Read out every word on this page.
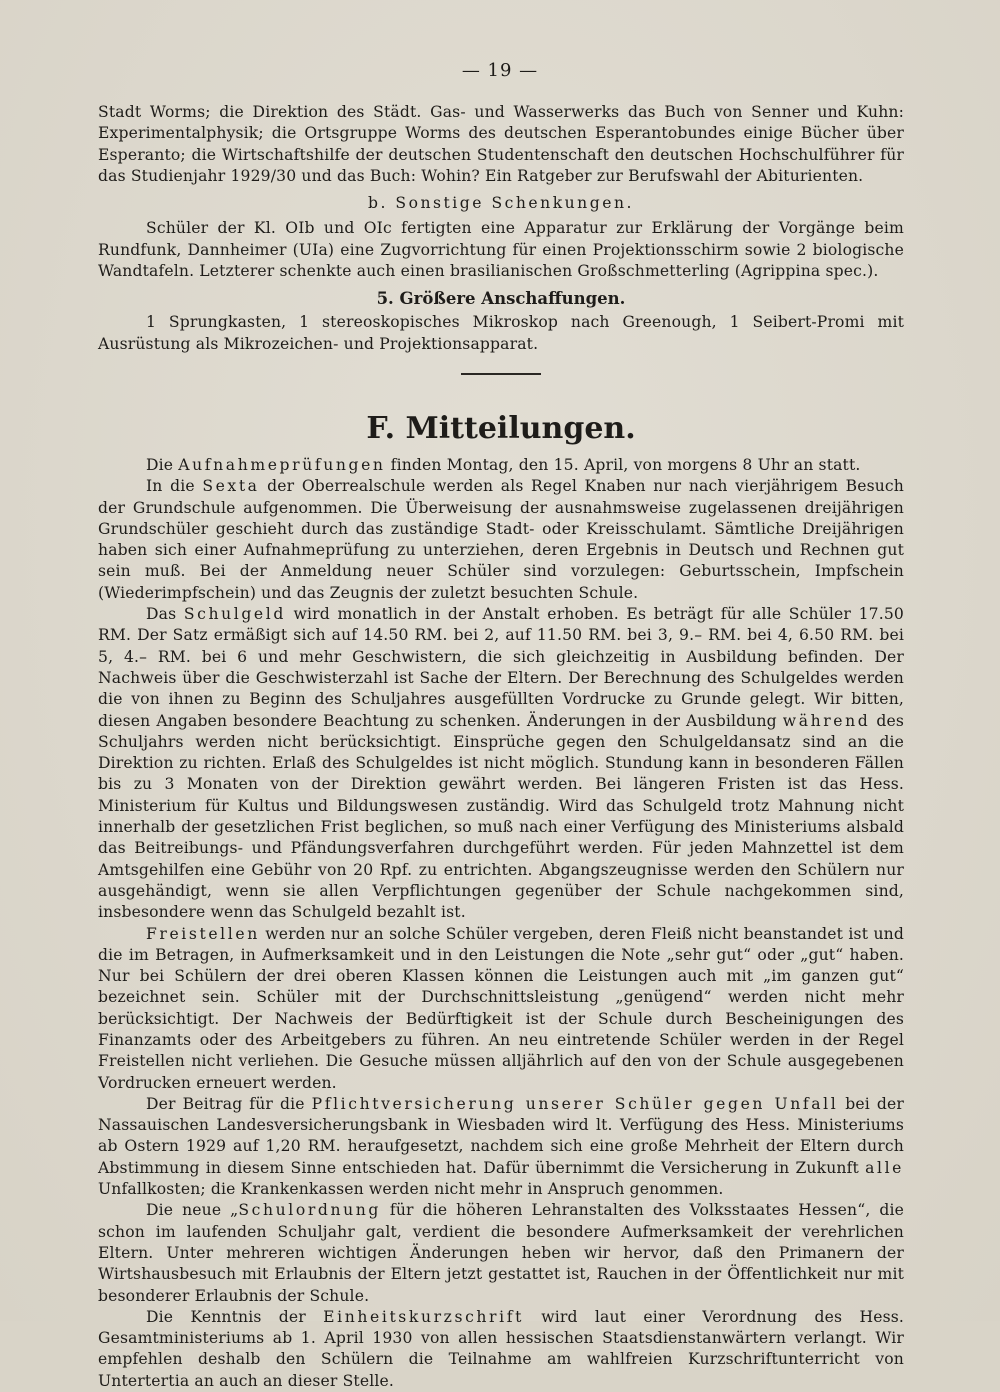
— 19 —

Stadt Worms; die Direktion des Städt. Gas- und Wasserwerks das Buch von Senner und Kuhn: Experimentalphysik; die Ortsgruppe Worms des deutschen Esperantobundes einige Bücher über Esperanto; die Wirtschaftshilfe der deutschen Studentenschaft den deutschen Hochschulführer für das Studienjahr 1929/30 und das Buch: Wohin? Ein Ratgeber zur Berufswahl der Abiturienten.

b. Sonstige Schenkungen.

Schüler der Kl. OIb und OIc fertigten eine Apparatur zur Erklärung der Vorgänge beim Rundfunk, Dannheimer (UIa) eine Zugvorrichtung für einen Projektionsschirm sowie 2 biologische Wandtafeln. Letzterer schenkte auch einen brasilianischen Großschmetterling (Agrippina spec.).

5. Größere Anschaffungen.

1 Sprungkasten, 1 stereoskopisches Mikroskop nach Greenough, 1 Seibert-Promi mit Ausrüstung als Mikrozeichen- und Projektionsapparat.

F. Mitteilungen.

Die Aufnahmeprüfungen finden Montag, den 15. April, von morgens 8 Uhr an statt.

In die Sexta der Oberrealschule werden als Regel Knaben nur nach vierjährigem Besuch der Grundschule aufgenommen. Die Überweisung der ausnahmsweise zugelassenen dreijährigen Grundschüler geschieht durch das zuständige Stadt- oder Kreisschulamt. Sämtliche Dreijährigen haben sich einer Aufnahmeprüfung zu unterziehen, deren Ergebnis in Deutsch und Rechnen gut sein muß. Bei der Anmeldung neuer Schüler sind vorzulegen: Geburtsschein, Impfschein (Wiederimpfschein) und das Zeugnis der zuletzt besuchten Schule.

Das Schulgeld wird monatlich in der Anstalt erhoben. Es beträgt für alle Schüler 17.50 RM. Der Satz ermäßigt sich auf 14.50 RM. bei 2, auf 11.50 RM. bei 3, 9.– RM. bei 4, 6.50 RM. bei 5, 4.– RM. bei 6 und mehr Geschwistern, die sich gleichzeitig in Ausbildung befinden. Der Nachweis über die Geschwisterzahl ist Sache der Eltern. Der Berechnung des Schulgeldes werden die von ihnen zu Beginn des Schuljahres ausgefüllten Vordrucke zu Grunde gelegt. Wir bitten, diesen Angaben besondere Beachtung zu schenken. Änderungen in der Ausbildung während des Schuljahrs werden nicht berücksichtigt. Einsprüche gegen den Schulgeldansatz sind an die Direktion zu richten. Erlaß des Schulgeldes ist nicht möglich. Stundung kann in besonderen Fällen bis zu 3 Monaten von der Direktion gewährt werden. Bei längeren Fristen ist das Hess. Ministerium für Kultus und Bildungswesen zuständig. Wird das Schulgeld trotz Mahnung nicht innerhalb der gesetzlichen Frist beglichen, so muß nach einer Verfügung des Ministeriums alsbald das Beitreibungs- und Pfändungsverfahren durchgeführt werden. Für jeden Mahnzettel ist dem Amtsgehilfen eine Gebühr von 20 Rpf. zu entrichten. Abgangszeugnisse werden den Schülern nur ausgehändigt, wenn sie allen Verpflichtungen gegenüber der Schule nachgekommen sind, insbesondere wenn das Schulgeld bezahlt ist.

Freistellen werden nur an solche Schüler vergeben, deren Fleiß nicht beanstandet ist und die im Betragen, in Aufmerksamkeit und in den Leistungen die Note „sehr gut“ oder „gut“ haben. Nur bei Schülern der drei oberen Klassen können die Leistungen auch mit „im ganzen gut“ bezeichnet sein. Schüler mit der Durchschnittsleistung „genügend“ werden nicht mehr berücksichtigt. Der Nachweis der Bedürftigkeit ist der Schule durch Bescheinigungen des Finanzamts oder des Arbeitgebers zu führen. An neu eintretende Schüler werden in der Regel Freistellen nicht verliehen. Die Gesuche müssen alljährlich auf den von der Schule ausgegebenen Vordrucken erneuert werden.

Der Beitrag für die Pflichtversicherung unserer Schüler gegen Unfall bei der Nassauischen Landesversicherungsbank in Wiesbaden wird lt. Verfügung des Hess. Ministeriums ab Ostern 1929 auf 1,20 RM. heraufgesetzt, nachdem sich eine große Mehrheit der Eltern durch Abstimmung in diesem Sinne entschieden hat. Dafür übernimmt die Versicherung in Zukunft alle Unfallkosten; die Krankenkassen werden nicht mehr in Anspruch genommen.

Die neue „Schulordnung für die höheren Lehranstalten des Volksstaates Hessen“, die schon im laufenden Schuljahr galt, verdient die besondere Aufmerksamkeit der verehrlichen Eltern. Unter mehreren wichtigen Änderungen heben wir hervor, daß den Primanern der Wirtshausbesuch mit Erlaubnis der Eltern jetzt gestattet ist, Rauchen in der Öffentlichkeit nur mit besonderer Erlaubnis der Schule.

Die Kenntnis der Einheitskurzschrift wird laut einer Verordnung des Hess. Gesamtministeriums ab 1. April 1930 von allen hessischen Staatsdienstanwärtern verlangt. Wir empfehlen deshalb den Schülern die Teilnahme am wahlfreien Kurzschriftunterricht von Untertertia an auch an dieser Stelle.
